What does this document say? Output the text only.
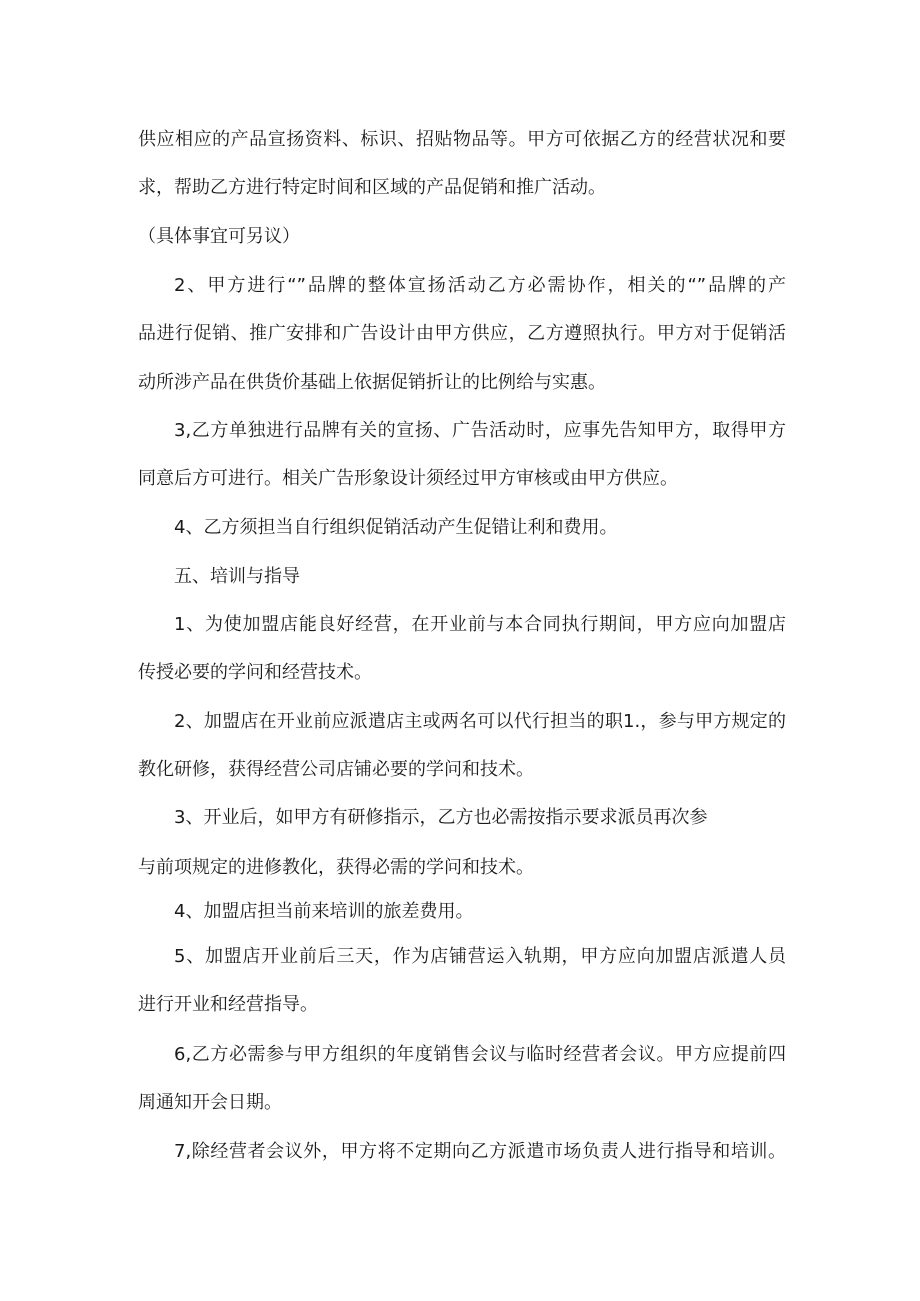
供应相应的产品宣扬资料、标识、招贴物品等。甲方可依据乙方的经营状况和要
求，帮助乙方进行特定时间和区域的产品促销和推广活动。
（具体事宜可另议）
2、甲方进行“”品牌的整体宣扬活动乙方必需协作，相关的“”品牌的产
品进行促销、推广安排和广告设计由甲方供应，乙方遵照执行。甲方对于促销活
动所涉产品在供货价基础上依据促销折让的比例给与实惠。
3,乙方单独进行品牌有关的宣扬、广告活动时，应事先告知甲方，取得甲方
同意后方可进行。相关广告形象设计须经过甲方审核或由甲方供应。
4、乙方须担当自行组织促销活动产生促错让利和费用。
五、培训与指导
1、为使加盟店能良好经营，在开业前与本合同执行期间，甲方应向加盟店
传授必要的学问和经营技术。
2、加盟店在开业前应派遣店主或两名可以代行担当的职1.，参与甲方规定的
教化研修，获得经营公司店铺必要的学问和技术。
3、开业后，如甲方有研修指示，乙方也必需按指示要求派员再次参
与前项规定的进修教化，获得必需的学问和技术。
4、加盟店担当前来培训的旅差费用。
5、加盟店开业前后三天，作为店铺营运入轨期，甲方应向加盟店派遣人员
进行开业和经营指导。
6,乙方必需参与甲方组织的年度销售会议与临时经营者会议。甲方应提前四
周通知开会日期。
7,除经营者会议外，甲方将不定期向乙方派遣市场负责人进行指导和培训。
